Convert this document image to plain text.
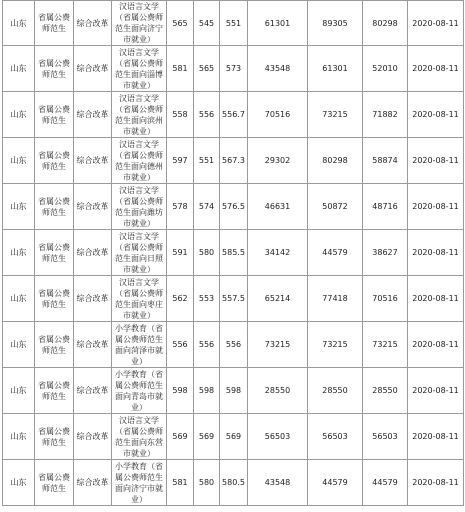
山东	省属公费师范生	综合改革	汉语言文学（省属公费师范生面向济宁市就业）	565	545	551	61301	89305	80298	2020-08-11
山东	省属公费师范生	综合改革	汉语言文学（省属公费师范生面向淄博市就业）	581	565	573	43548	61301	52010	2020-08-11
山东	省属公费师范生	综合改革	汉语言文学（省属公费师范生面向滨州市就业）	558	556	556.7	70516	73215	71882	2020-08-11
山东	省属公费师范生	综合改革	汉语言文学（省属公费师范生面向德州市就业）	597	551	567.3	29302	80298	58874	2020-08-11
山东	省属公费师范生	综合改革	汉语言文学（省属公费师范生面向潍坊市就业）	578	574	576.5	46631	50872	48716	2020-08-11
山东	省属公费师范生	综合改革	汉语言文学（省属公费师范生面向日照市就业）	591	580	585.5	34142	44579	38627	2020-08-11
山东	省属公费师范生	综合改革	汉语言文学（省属公费师范生面向枣庄市就业）	562	553	557.5	65214	77418	70516	2020-08-11
山东	省属公费师范生	综合改革	小学教育（省属公费师范生面向菏泽市就业）	556	556	556	73215	73215	73215	2020-08-11
山东	省属公费师范生	综合改革	小学教育（省属公费师范生面向青岛市就业）	598	598	598	28550	28550	28550	2020-08-11
山东	省属公费师范生	综合改革	汉语言文学（省属公费师范生面向东营市就业）	569	569	569	56503	56503	56503	2020-08-11
山东	省属公费师范生	综合改革	小学教育（省属公费师范生面向济宁市就业）	581	580	580.5	43548	44579	44579	2020-08-11
